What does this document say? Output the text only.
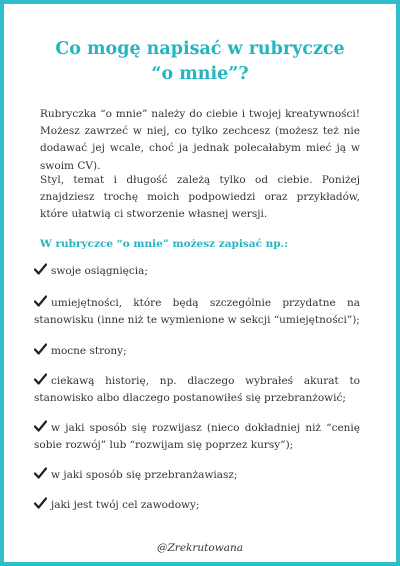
Co mogę napisać w rubryczce
“o mnie”?
Rubryczka “o mnie” należy do ciebie i twojej kreatywności! Możesz zawrzeć w niej, co tylko zechcesz (możesz też nie dodawać jej wcale, choć ja jednak polecałabym mieć ją w swoim CV).
Styl, temat i długość zależą tylko od ciebie. Poniżej znajdziesz trochę moich podpowiedzi oraz przykładów, które ułatwią ci stworzenie własnej wersji.
W rubryczce “o mnie” możesz zapisać np.:
swoje osiągnięcia;
umiejętności, które będą szczególnie przydatne na stanowisku (inne niż te wymienione w sekcji “umiejętności”);
mocne strony;
ciekawą historię, np. dlaczego wybrałeś akurat to stanowisko albo dlaczego postanowiłeś się przebranżowić;
w jaki sposób się rozwijasz (nieco dokładniej niż “cenię sobie rozwój” lub “rozwijam się poprzez kursy”);
w jaki sposób się przebranżawiasz;
jaki jest twój cel zawodowy;
@Zrekrutowana
